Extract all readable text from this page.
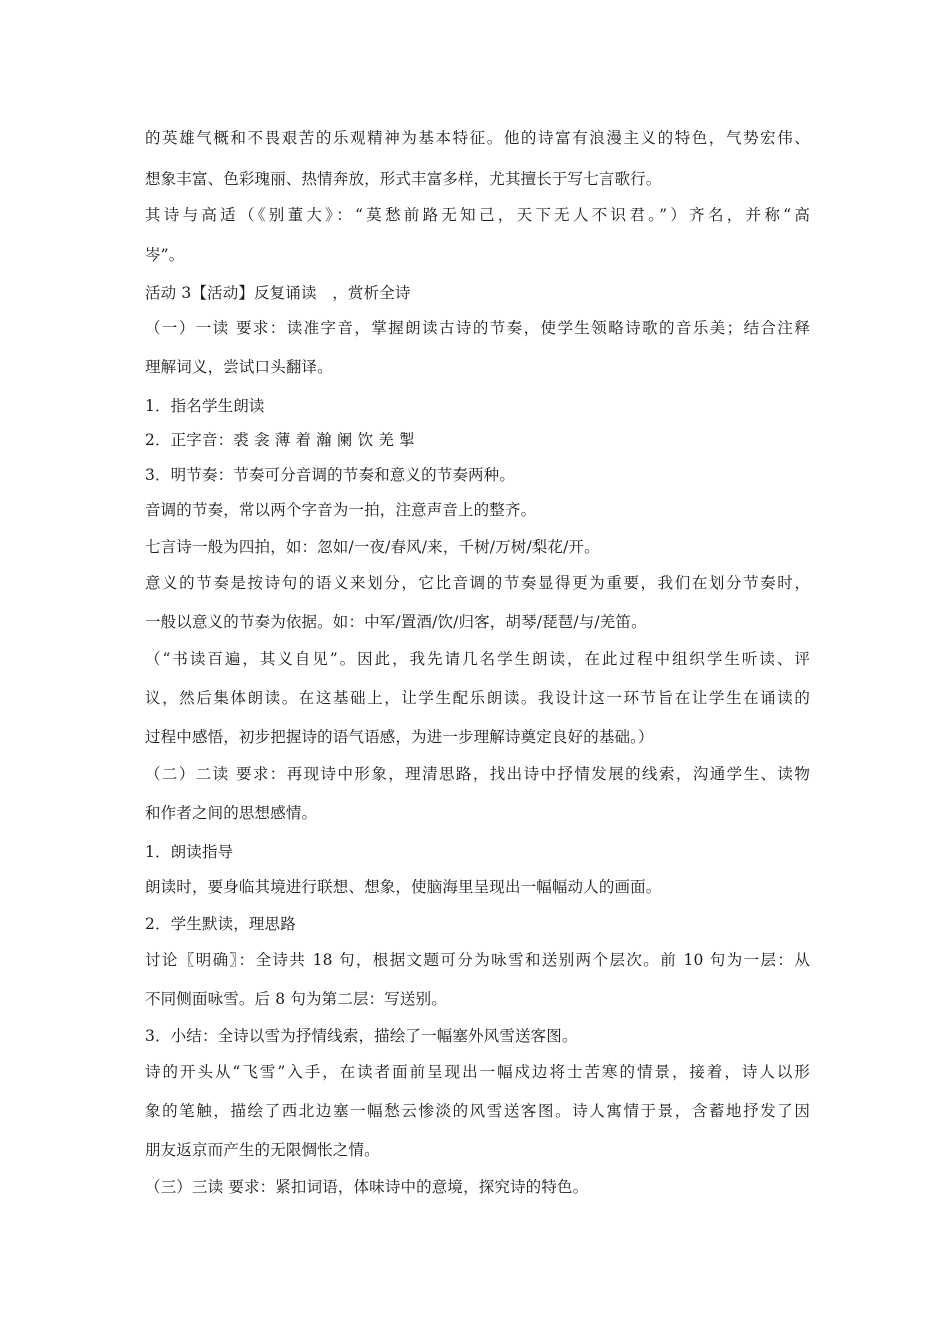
的英雄气概和不畏艰苦的乐观精神为基本特征。他的诗富有浪漫主义的特色，气势宏伟、
想象丰富、色彩瑰丽、热情奔放，形式丰富多样，尤其擅长于写七言歌行。
其诗与高适（《别董大》：“莫愁前路无知己，天下无人不识君。”）齐名，并称“高
岑”。
活动 3【活动】反复诵读　，赏析全诗
（一）一读 要求：读准字音，掌握朗读古诗的节奏，使学生领略诗歌的音乐美；结合注释
理解词义，尝试口头翻译。
1．指名学生朗读
2．正字音：裘 衾 薄 着 瀚 阑 饮 羌 掣
3．明节奏：节奏可分音调的节奏和意义的节奏两种。
音调的节奏，常以两个字音为一拍，注意声音上的整齐。
七言诗一般为四拍，如：忽如/一夜/春风/来，千树/万树/梨花/开。
意义的节奏是按诗句的语义来划分，它比音调的节奏显得更为重要，我们在划分节奏时，
一般以意义的节奏为依据。如：中军/置酒/饮/归客，胡琴/琵琶/与/羌笛。
（“书读百遍，其义自见”。因此，我先请几名学生朗读，在此过程中组织学生听读、评
议，然后集体朗读。在这基础上，让学生配乐朗读。我设计这一环节旨在让学生在诵读的
过程中感悟，初步把握诗的语气语感，为进一步理解诗奠定良好的基础。）
（二）二读 要求：再现诗中形象，理清思路，找出诗中抒情发展的线索，沟通学生、读物
和作者之间的思想感情。
1．朗读指导
朗读时，要身临其境进行联想、想象，使脑海里呈现出一幅幅动人的画面。
2．学生默读，理思路
讨论〖明确〗：全诗共 18 句，根据文题可分为咏雪和送别两个层次。前 10 句为一层：从
不同侧面咏雪。后 8 句为第二层：写送别。
3．小结：全诗以雪为抒情线索，描绘了一幅塞外风雪送客图。
诗的开头从“飞雪”入手，在读者面前呈现出一幅戍边将士苦寒的情景，接着，诗人以形
象的笔触，描绘了西北边塞一幅愁云惨淡的风雪送客图。诗人寓情于景，含蓄地抒发了因
朋友返京而产生的无限惆怅之情。
（三）三读 要求：紧扣词语，体味诗中的意境，探究诗的特色。
